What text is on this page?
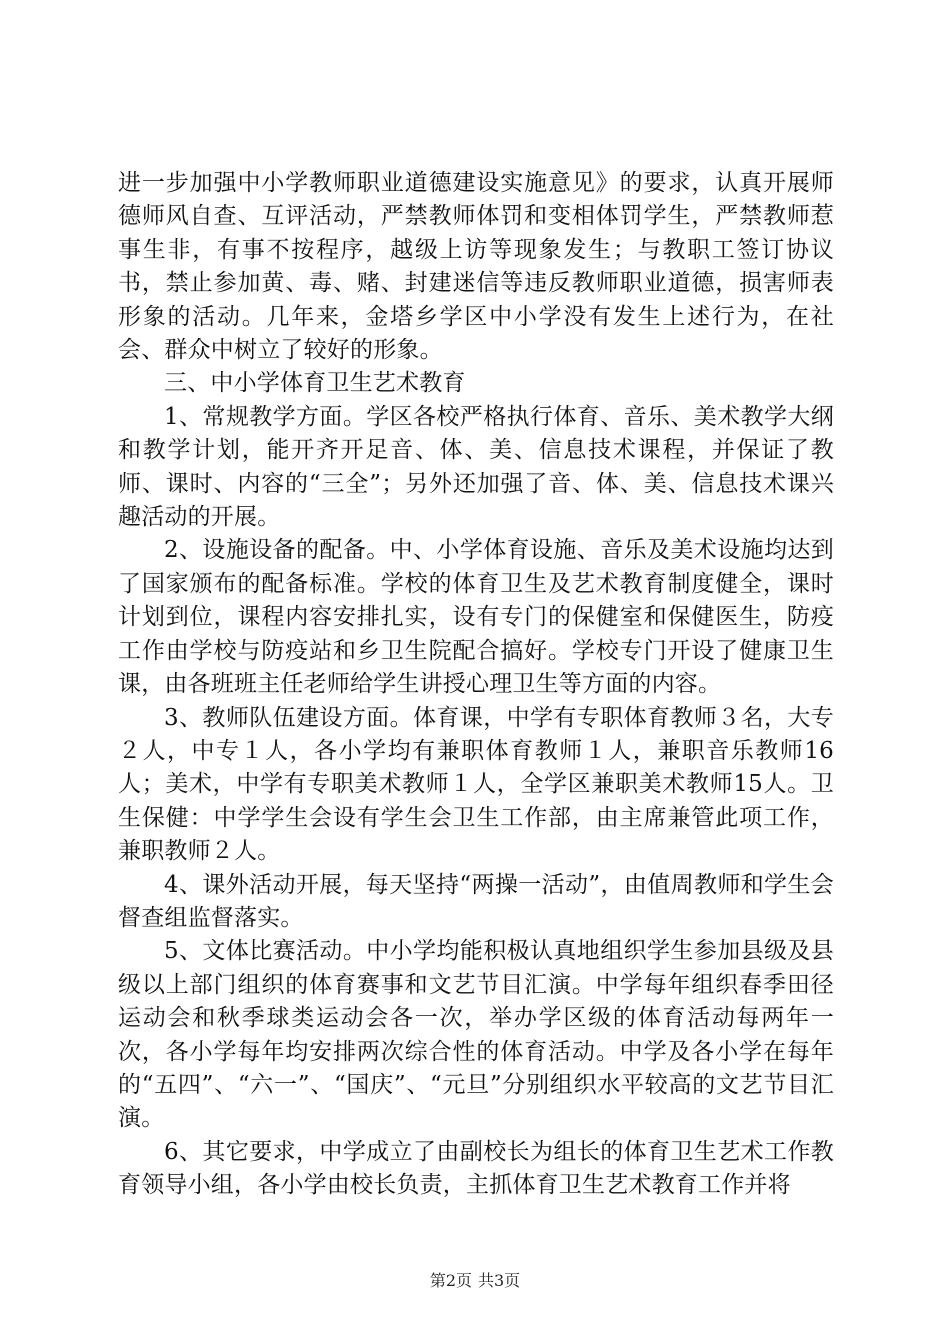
进一步加强中小学教师职业道德建设实施意见》的要求，认真开展师德师风自查、互评活动，严禁教师体罚和变相体罚学生，严禁教师惹事生非，有事不按程序，越级上访等现象发生；与教职工签订协议书，禁止参加黄、毒、赌、封建迷信等违反教师职业道德，损害师表形象的活动。几年来，金塔乡学区中小学没有发生上述行为，在社会、群众中树立了较好的形象。

三、中小学体育卫生艺术教育

1、常规教学方面。学区各校严格执行体育、音乐、美术教学大纲和教学计划，能开齐开足音、体、美、信息技术课程，并保证了教师、课时、内容的“三全”；另外还加强了音、体、美、信息技术课兴趣活动的开展。

2、设施设备的配备。中、小学体育设施、音乐及美术设施均达到了国家颁布的配备标准。学校的体育卫生及艺术教育制度健全，课时计划到位，课程内容安排扎实，设有专门的保健室和保健医生，防疫工作由学校与防疫站和乡卫生院配合搞好。学校专门开设了健康卫生课，由各班班主任老师给学生讲授心理卫生等方面的内容。

3、教师队伍建设方面。体育课，中学有专职体育教师３名，大专２人，中专１人，各小学均有兼职体育教师１人，兼职音乐教师16人；美术，中学有专职美术教师１人，全学区兼职美术教师15人。卫生保健：中学学生会设有学生会卫生工作部，由主席兼管此项工作，兼职教师２人。

4、课外活动开展，每天坚持“两操一活动”，由值周教师和学生会督查组监督落实。

5、文体比赛活动。中小学均能积极认真地组织学生参加县级及县级以上部门组织的体育赛事和文艺节目汇演。中学每年组织春季田径运动会和秋季球类运动会各一次，举办学区级的体育活动每两年一次，各小学每年均安排两次综合性的体育活动。中学及各小学在每年的“五四”、“六一”、“国庆”、“元旦”分别组织水平较高的文艺节目汇演。

6、其它要求，中学成立了由副校长为组长的体育卫生艺术工作教育领导小组，各小学由校长负责，主抓体育卫生艺术教育工作并将

第2页 共3页
